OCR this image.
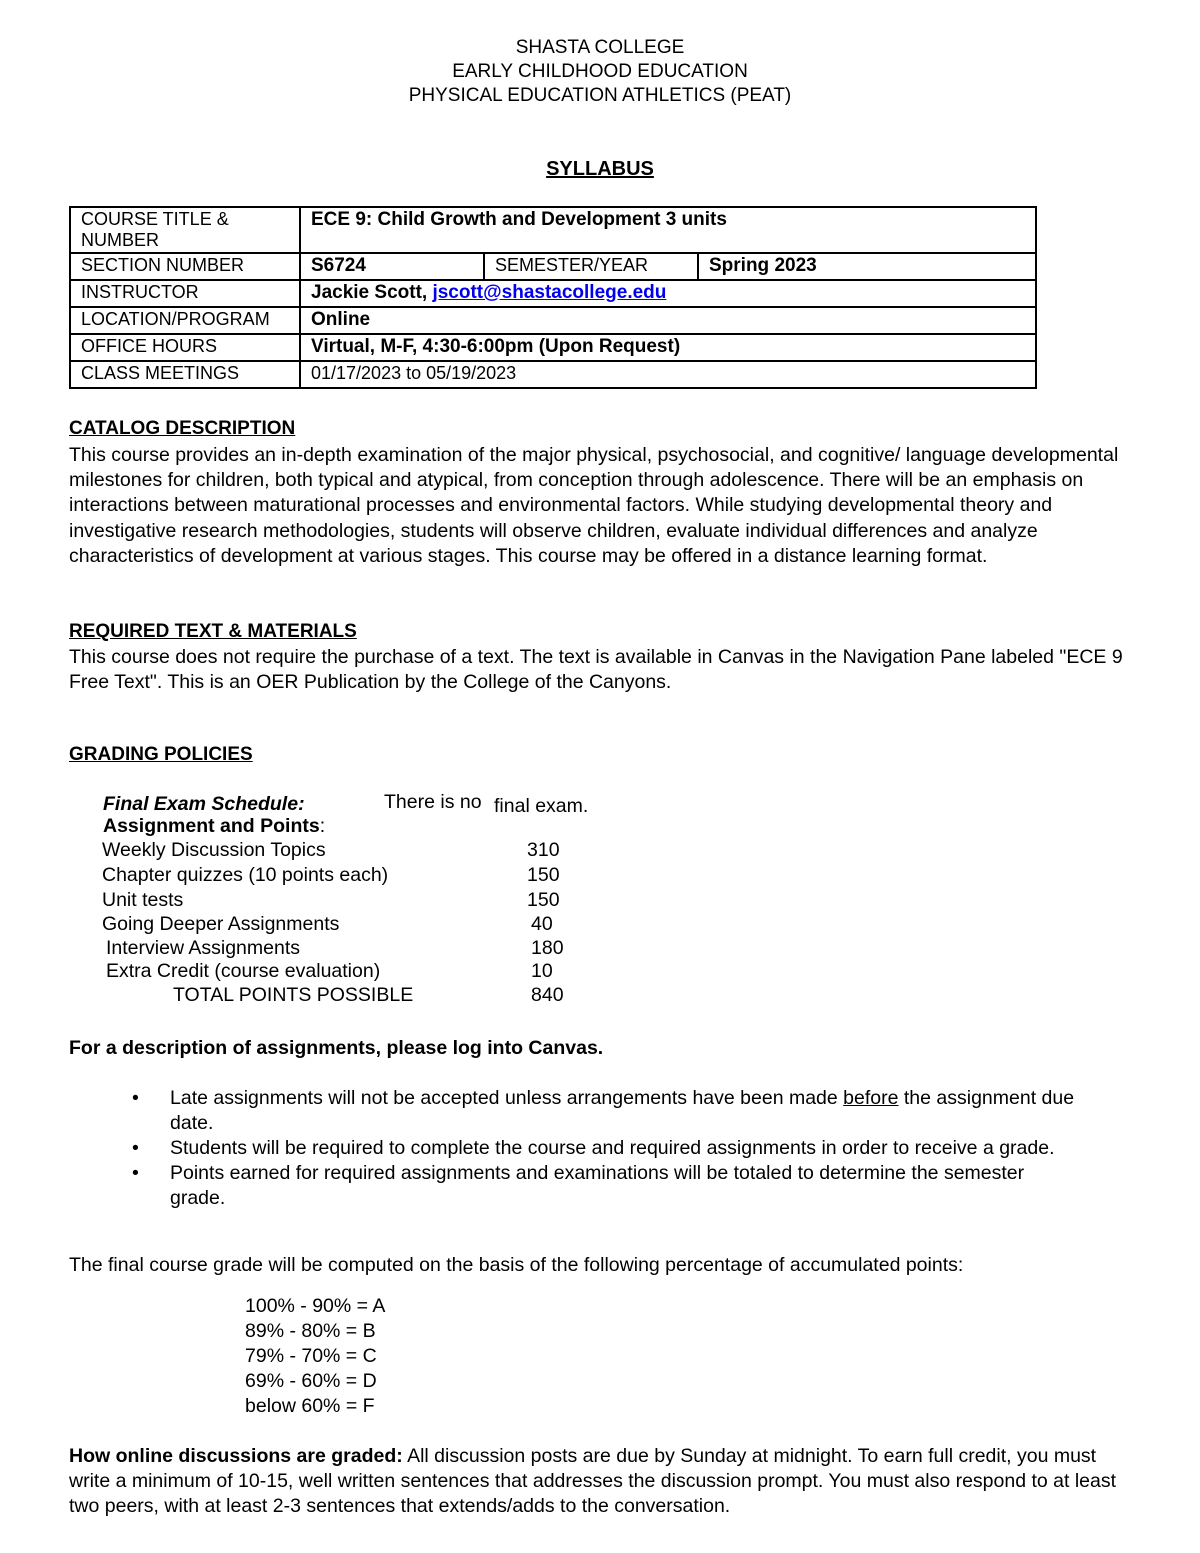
SHASTA COLLEGE
EARLY CHILDHOOD EDUCATION
PHYSICAL EDUCATION ATHLETICS (PEAT)
SYLLABUS
COURSE TITLE & NUMBER	ECE 9: Child Growth and Development 3 units		
SECTION NUMBER	S6724	SEMESTER/YEAR	Spring 2023
INSTRUCTOR	Jackie Scott, jscott@shastacollege.edu		
LOCATION/PROGRAM	Online		
OFFICE HOURS	Virtual, M-F, 4:30-6:00pm (Upon Request)		
CLASS MEETINGS	01/17/2023 to 05/19/2023		
CATALOG DESCRIPTION
This course provides an in-depth examination of the major physical, psychosocial, and cognitive/ language developmental milestones for children, both typical and atypical, from conception through adolescence. There will be an emphasis on interactions between maturational processes and environmental factors. While studying developmental theory and investigative research methodologies, students will observe children, evaluate individual differences and analyze characteristics of development at various stages. This course may be offered in a distance learning format.
REQUIRED TEXT & MATERIALS
This course does not require the purchase of a text. The text is available in Canvas in the Navigation Pane labeled "ECE 9 Free Text". This is an OER Publication by the College of the Canyons.
GRADING POLICIES
Final Exam Schedule:	There is no final exam.
Assignment and Points:
Weekly Discussion Topics	310
Chapter quizzes (10 points each)	150
Unit tests	150
Going Deeper Assignments	40
Interview Assignments	180
Extra Credit (course evaluation)	10
TOTAL POINTS POSSIBLE	840
For a description of assignments, please log into Canvas.
• Late assignments will not be accepted unless arrangements have been made before the assignment due date.
• Students will be required to complete the course and required assignments in order to receive a grade.
• Points earned for required assignments and examinations will be totaled to determine the semester grade.
The final course grade will be computed on the basis of the following percentage of accumulated points:
100% - 90% = A
89% - 80% = B
79% - 70% = C
69% - 60% = D
below 60% = F
How online discussions are graded: All discussion posts are due by Sunday at midnight. To earn full credit, you must write a minimum of 10-15, well written sentences that addresses the discussion prompt. You must also respond to at least two peers, with at least 2-3 sentences that extends/adds to the conversation.
